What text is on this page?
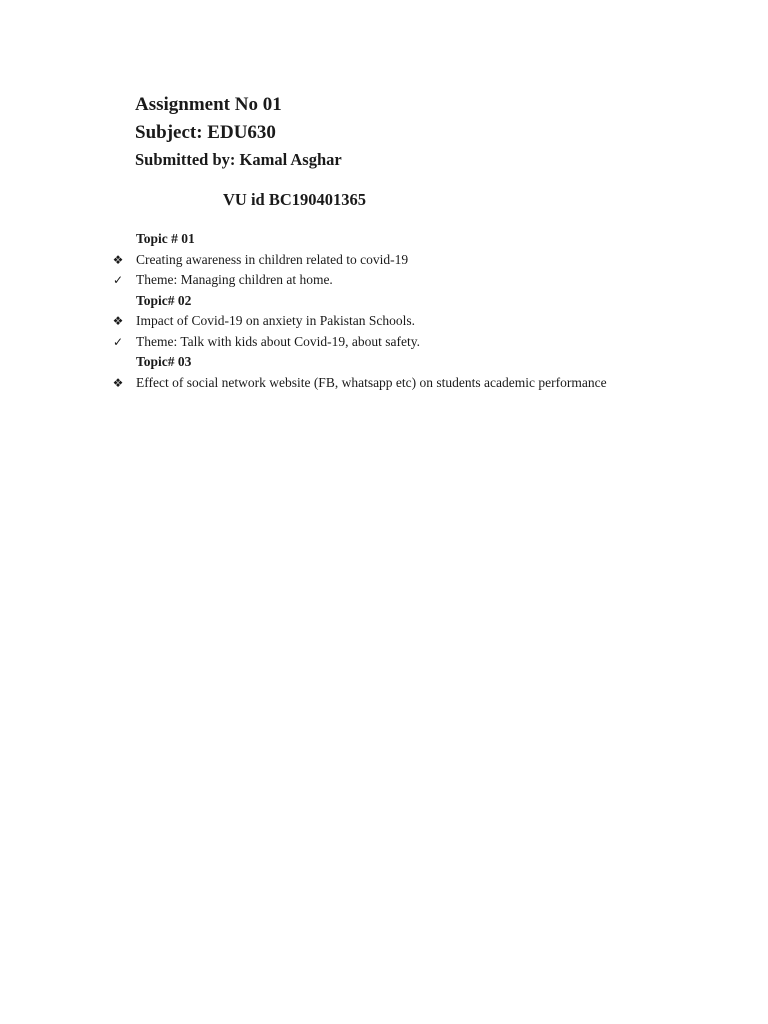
Assignment No 01
Subject: EDU630
Submitted by: Kamal Asghar
VU id BC190401365
Topic # 01
❖ Creating awareness in children related to covid-19
✓ Theme: Managing children at home.
Topic# 02
❖ Impact of Covid-19 on anxiety in Pakistan Schools.
✓ Theme: Talk with kids about Covid-19, about safety.
Topic# 03
❖ Effect of social network website (FB, whatsapp etc) on students academic performance
